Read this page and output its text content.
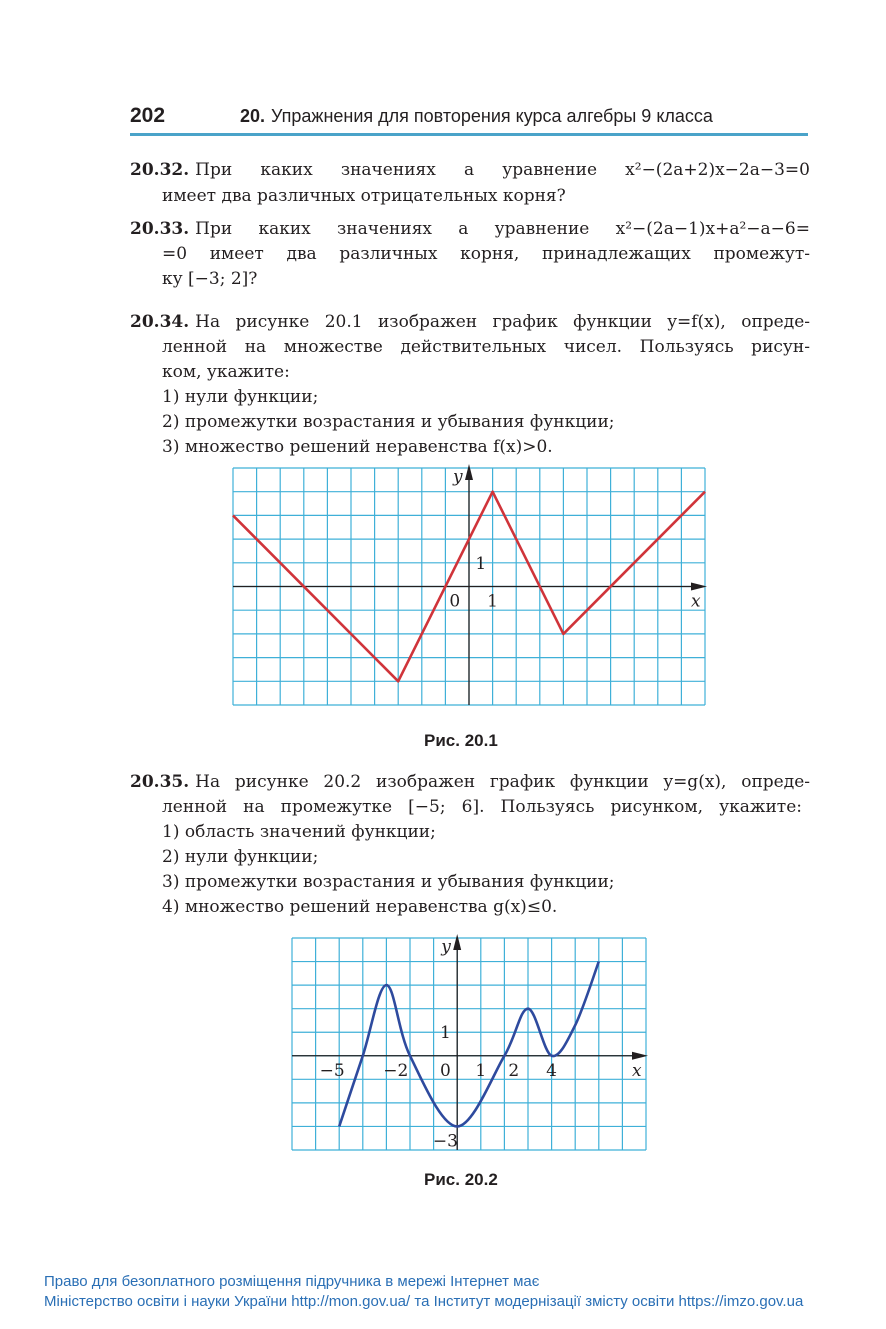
202	20. Упражнения для повторения курса алгебры 9 класса
20.32. При каких значениях a уравнение x²−(2a+2)x−2a−3=0
имеет два различных отрицательных корня?
20.33. При каких значениях a уравнение x²−(2a−1)x+a²−a−6=
=0 имеет два различных корня, принадлежащих промежут-
ку [−3; 2]?
20.34. На рисунке 20.1 изображен график функции y=f(x), опреде-
ленной на множестве действительных чисел. Пользуясь рисун-
ком, укажите:
1) нули функции;
2) промежутки возрастания и убывания функции;
3) множество решений неравенства f(x)>0.
x
y
0 1
1
Рис. 20.1
20.35. На рисунке 20.2 изображен график функции y=g(x), опреде-
ленной на промежутке [−5; 6]. Пользуясь рисунком, укажите:
1) область значений функции;
2) нули функции;
3) промежутки возрастания и убывания функции;
4) множество решений неравенства g(x)≤0.
x
y
−5 −2 0 1 2 4
1
−3
Рис. 20.2
Право для безоплатного розміщення підручника в мережі Інтернет має
Міністерство освіти і науки України http://mon.gov.ua/ та Інститут модернізації змісту освіти https://imzo.gov.ua
